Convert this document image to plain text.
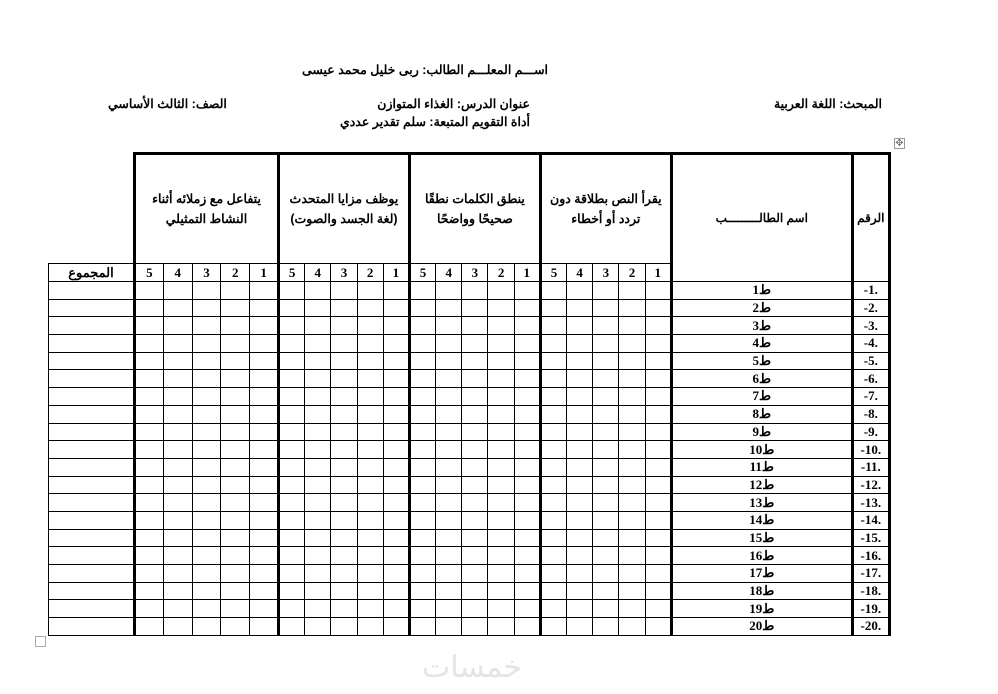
اســـم المعلـــم الطالب: ربى خليل محمد عيسى
المبحث: اللغة العربية
عنوان الدرس: الغذاء المتوازن
أداة التقويم المتبعة: سلم تقدير عددي
الصف: الثالث الأساسي
✥
الرقم	اسم الطالـــــــــب	يقرأ النص بطلاقة دون تردد أو أخطاء					ينطق الكلمات نطقًا صحيحًا وواضحًا					يوظف مزايا المتحدث (لغة الجسد والصوت)					يتفاعل مع زملائه أثناء النشاط التمثيلي					
		1	2	3	4	5	1	2	3	4	5	1	2	3	4	5	1	2	3	4	5	المجموع
-1.	ط1																					
-2.	ط2																					
-3.	ط3																					
-4.	ط4																					
-5.	ط5																					
-6.	ط6																					
-7.	ط7																					
-8.	ط8																					
-9.	ط9																					
-10.	ط10																					
-11.	ط11																					
-12.	ط12																					
-13.	ط13																					
-14.	ط14																					
-15.	ط15																					
-16.	ط16																					
-17.	ط17																					
-18.	ط18																					
-19.	ط19																					
-20.	ط20																					
خمسات
